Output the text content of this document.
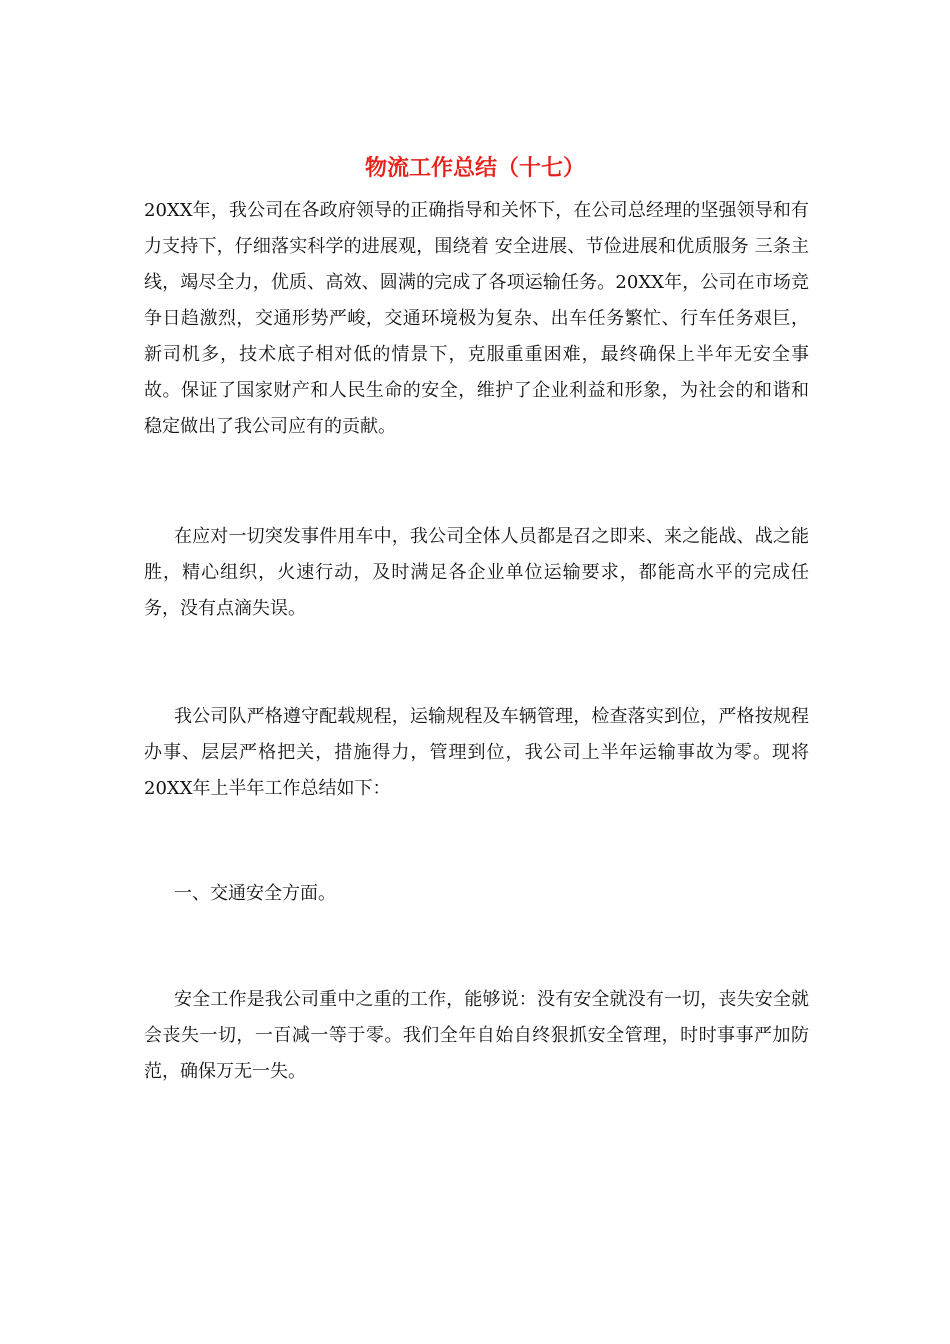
物流工作总结（十七）

20XX年，我公司在各政府领导的正确指导和关怀下，在公司总经理的坚强领导和有力支持下，仔细落实科学的进展观，围绕着 安全进展、节俭进展和优质服务 三条主线，竭尽全力，优质、高效、圆满的完成了各项运输任务。20XX年，公司在市场竞争日趋激烈，交通形势严峻，交通环境极为复杂、出车任务繁忙、行车任务艰巨，新司机多，技术底子相对低的情景下，克服重重困难，最终确保上半年无安全事故。保证了国家财产和人民生命的安全，维护了企业利益和形象，为社会的和谐和稳定做出了我公司应有的贡献。

在应对一切突发事件用车中，我公司全体人员都是召之即来、来之能战、战之能胜，精心组织，火速行动，及时满足各企业单位运输要求，都能高水平的完成任务，没有点滴失误。

我公司队严格遵守配载规程，运输规程及车辆管理，检查落实到位，严格按规程办事、层层严格把关，措施得力，管理到位，我公司上半年运输事故为零。现将20XX年上半年工作总结如下：

一、交通安全方面。

安全工作是我公司重中之重的工作，能够说：没有安全就没有一切，丧失安全就会丧失一切，一百减一等于零。我们全年自始自终狠抓安全管理，时时事事严加防范，确保万无一失。
